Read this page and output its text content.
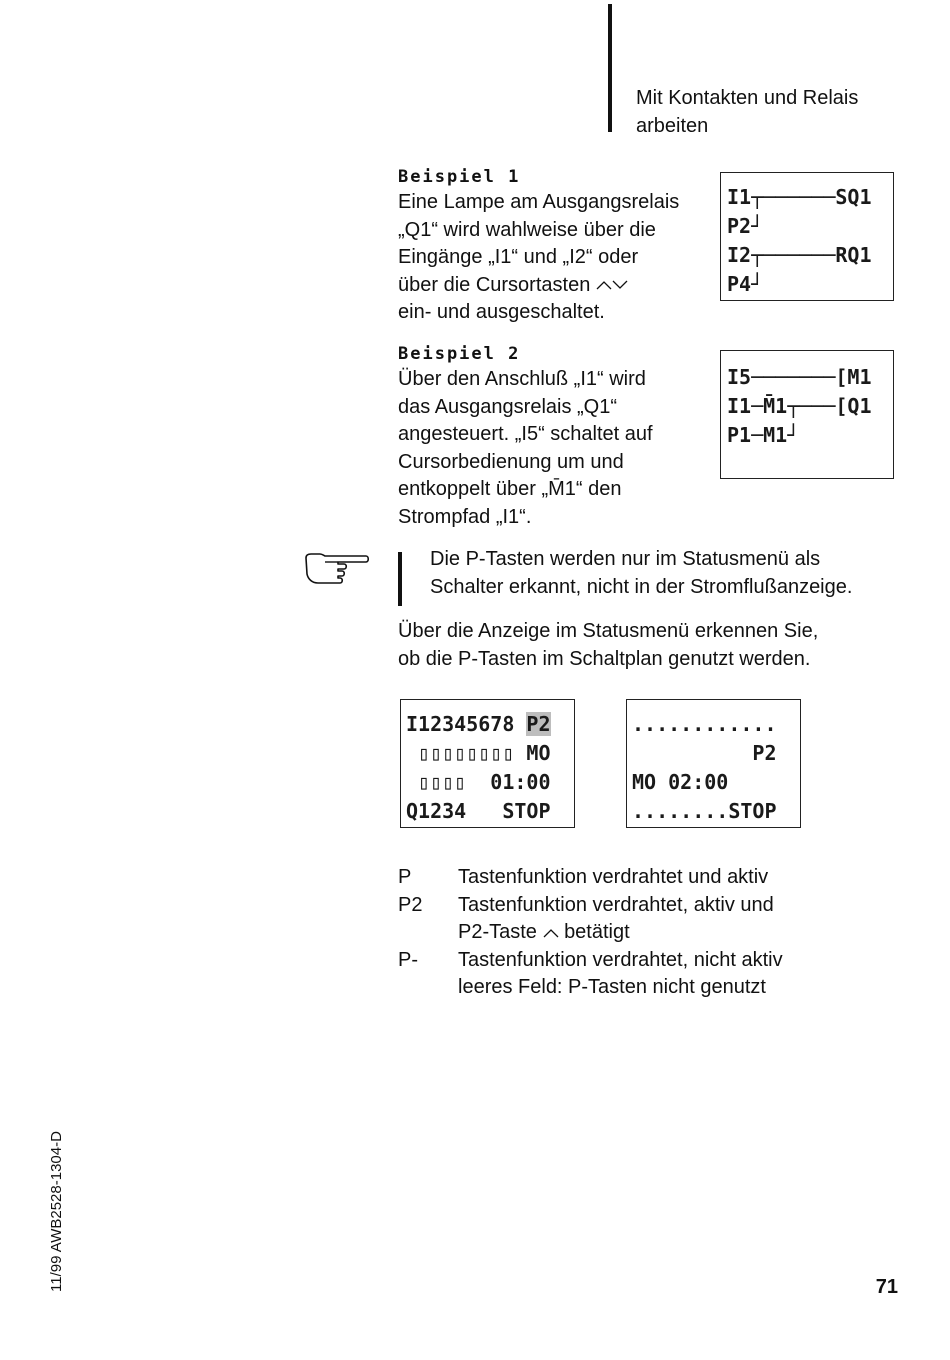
Mit Kontakten und Relais
arbeiten
Beispiel 1
Eine Lampe am Ausgangsrelais
„Q1“ wird wahlweise über die
Eingänge „I1“ und „I2“ oder
über die Cursortasten
ein- und ausgeschaltet.
I1┬──────SQ1
P2┘
I2┬──────RQ1
P4┘
Beispiel 2
Über den Anschluß „I1“ wird
das Ausgangsrelais „Q1“
angesteuert. „I5“ schaltet auf
Cursorbedienung um und
entkoppelt über „M̄1“ den
Strompfad „I1“.
I5───────[M1
I1─M̄1┬───[Q1
P1─M1┘
Die P-Tasten werden nur im Statusmenü als
Schalter erkannt, nicht in der Stromflußanzeige.
Über die Anzeige im Statusmenü erkennen Sie,
ob die P-Tasten im Schaltplan genutzt werden.
I12345678 P2
▯▯▯▯▯▯▯▯ MO
▯▯▯▯  01:00
Q1234   STOP
............
P2
MO 02:00
........STOP
P	Tastenfunktion verdrahtet und aktiv
P2	Tastenfunktion verdrahtet, aktiv und
P2-Taste betätigt
P-	Tastenfunktion verdrahtet, nicht aktiv
leeres Feld: P-Tasten nicht genutzt
11/99 AWB2528-1304-D	71
